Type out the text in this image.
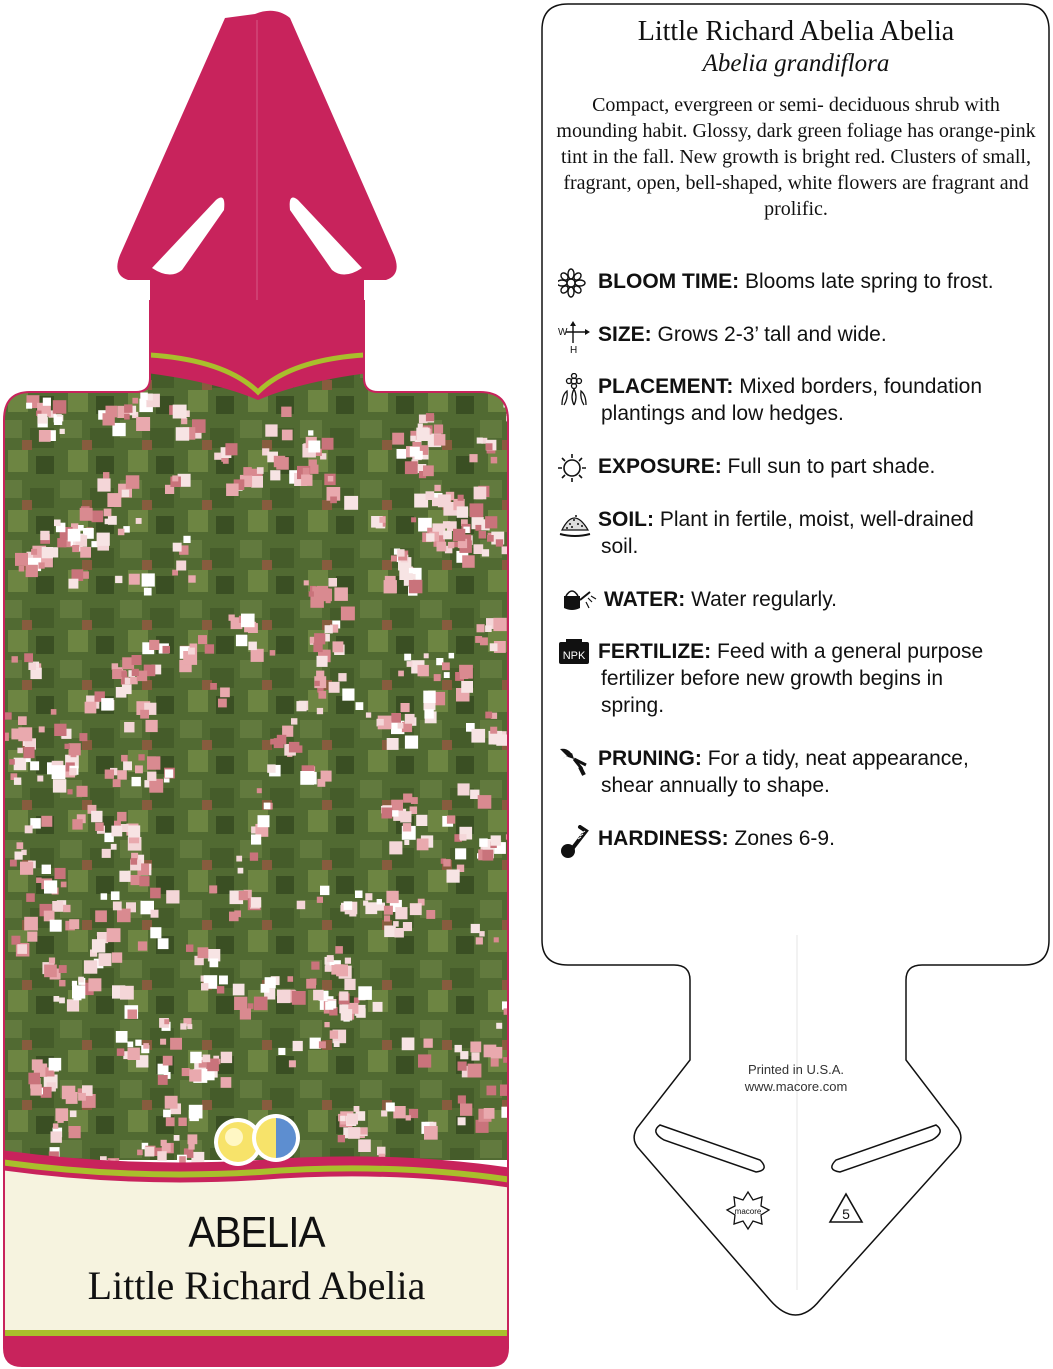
ABELIA
Little Richard Abelia
macore	5
Little Richard Abelia Abelia
Abelia grandiflora
Compact, evergreen or semi- deciduous shrub with mounding habit. Glossy, dark green foliage has orange-pink tint in the fall. New growth is bright red. Clusters of small, fragrant, open, bell-shaped, white flowers are fragrant and prolific.
BLOOM TIME: Blooms late spring to frost.
W
H
SIZE: Grows 2-3’ tall and wide.
PLACEMENT: Mixed borders, foundation
plantings and low hedges.
EXPOSURE: Full sun to part shade.
SOIL: Plant in fertile, moist, well-drained
soil.
WATER: Water regularly.
NPK FERTILIZE: Feed with a general purpose
fertilizer before new growth begins in
spring.
PRUNING: For a tidy, neat appearance,
shear annually to shape.
HARDINESS: Zones 6-9.
Printed in U.S.A.
www.macore.com
